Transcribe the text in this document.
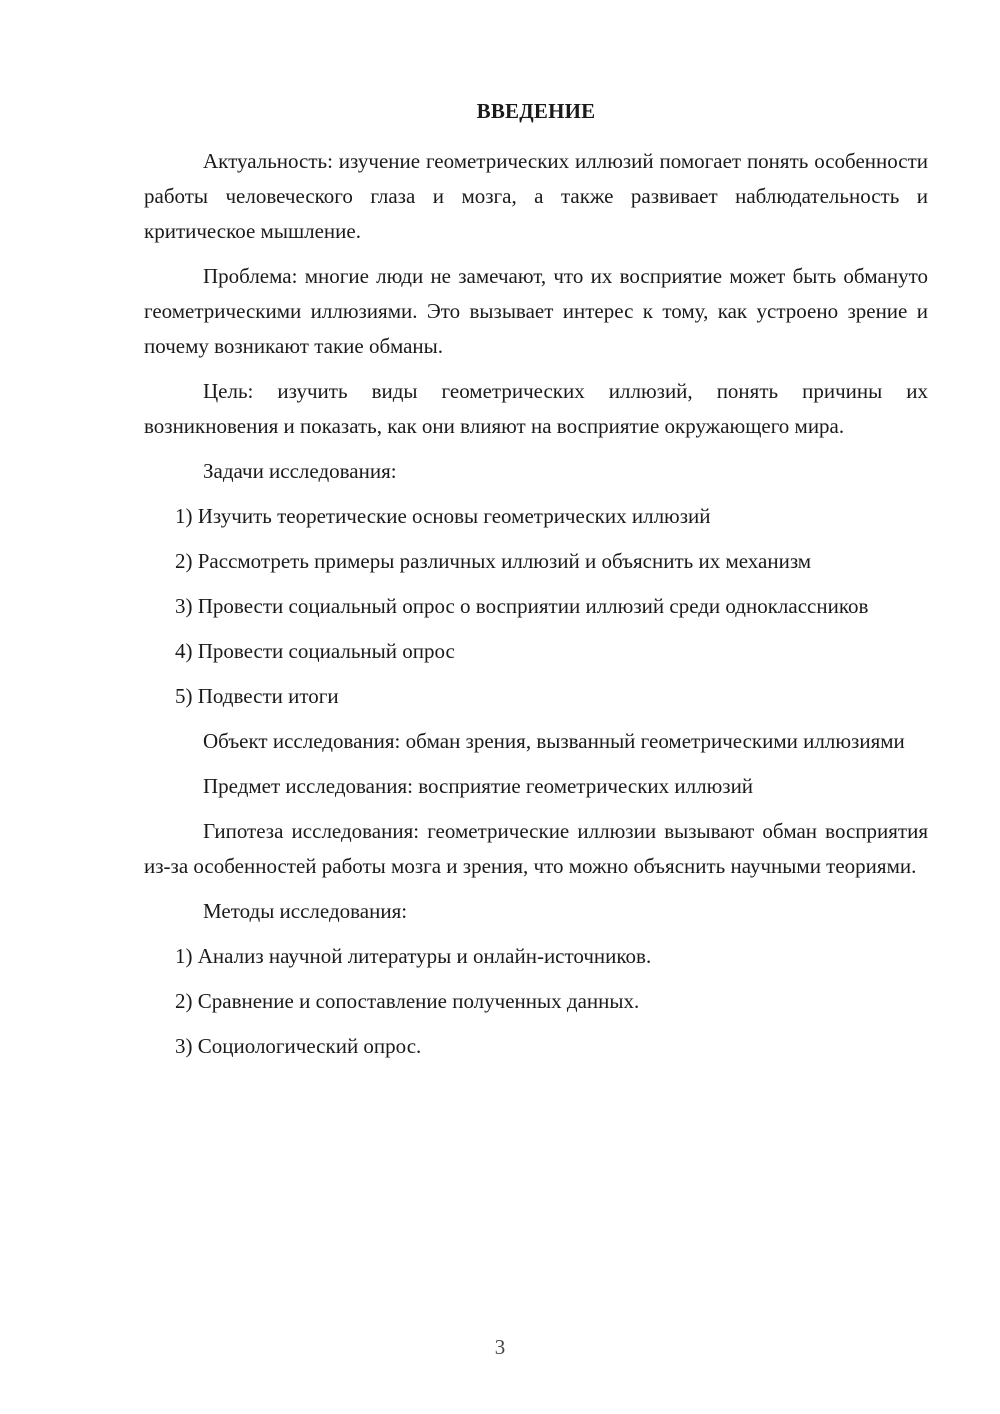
ВВЕДЕНИЕ

Актуальность: изучение геометрических иллюзий помогает понять особенности работы человеческого глаза и мозга, а также развивает наблюдательность и критическое мышление.

Проблема: многие люди не замечают, что их восприятие может быть обмануто геометрическими иллюзиями. Это вызывает интерес к тому, как устроено зрение и почему возникают такие обманы.

Цель: изучить виды геометрических иллюзий, понять причины их возникновения и показать, как они влияют на восприятие окружающего мира.

Задачи исследования:

1) Изучить теоретические основы геометрических иллюзий

2) Рассмотреть примеры различных иллюзий и объяснить их механизм

3) Провести социальный опрос о восприятии иллюзий среди одноклассников

4) Провести социальный опрос

5) Подвести итоги

Объект исследования: обман зрения, вызванный геометрическими иллюзиями

Предмет исследования: восприятие геометрических иллюзий

Гипотеза исследования: геометрические иллюзии вызывают обман восприятия из-за особенностей работы мозга и зрения, что можно объяснить научными теориями.

Методы исследования:

1) Анализ научной литературы и онлайн-источников.

2) Сравнение и сопоставление полученных данных.

3) Социологический опрос.

3
